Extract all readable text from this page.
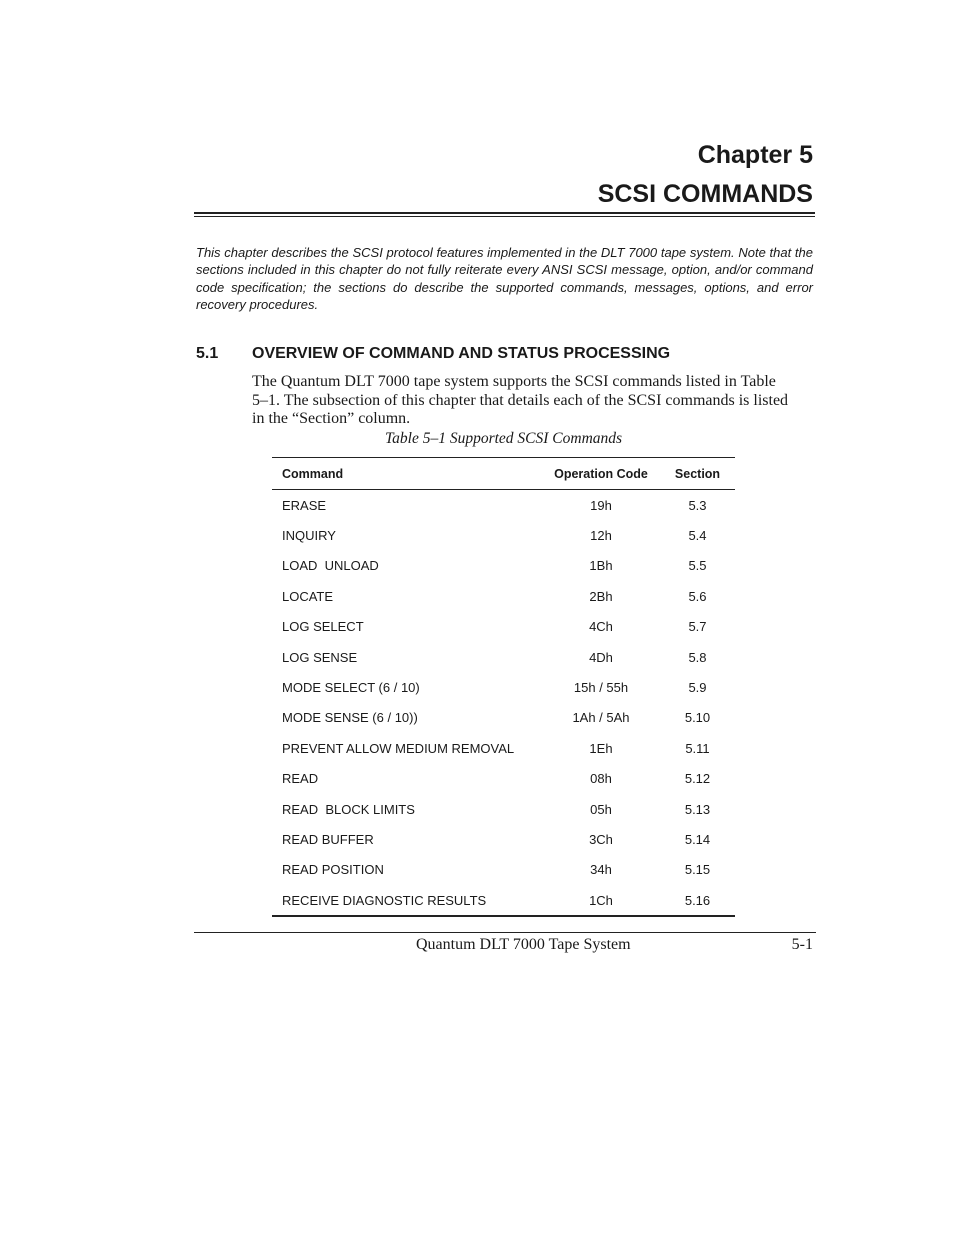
Chapter 5
SCSI COMMANDS

This chapter describes the SCSI protocol features implemented in the DLT 7000 tape system. Note that the sections included in this chapter do not fully reiterate every ANSI SCSI message, option, and/or command code specification; the sections do describe the supported commands, messages, options, and error recovery procedures.

5.1 OVERVIEW OF COMMAND AND STATUS PROCESSING

The Quantum DLT 7000 tape system supports the SCSI commands listed in Table 5–1. The subsection of this chapter that details each of the SCSI commands is listed in the “Section” column.

Table 5–1 Supported SCSI Commands
Command	Operation Code	Section
ERASE	19h	5.3
INQUIRY	12h	5.4
LOAD  UNLOAD	1Bh	5.5
LOCATE	2Bh	5.6
LOG SELECT	4Ch	5.7
LOG SENSE	4Dh	5.8
MODE SELECT (6 / 10)	15h / 55h	5.9
MODE SENSE (6 / 10))	1Ah / 5Ah	5.10
PREVENT ALLOW MEDIUM REMOVAL	1Eh	5.11
READ	08h	5.12
READ  BLOCK LIMITS	05h	5.13
READ BUFFER	3Ch	5.14
READ POSITION	34h	5.15
RECEIVE DIAGNOSTIC RESULTS	1Ch	5.16
Quantum DLT 7000 Tape System	5-1
